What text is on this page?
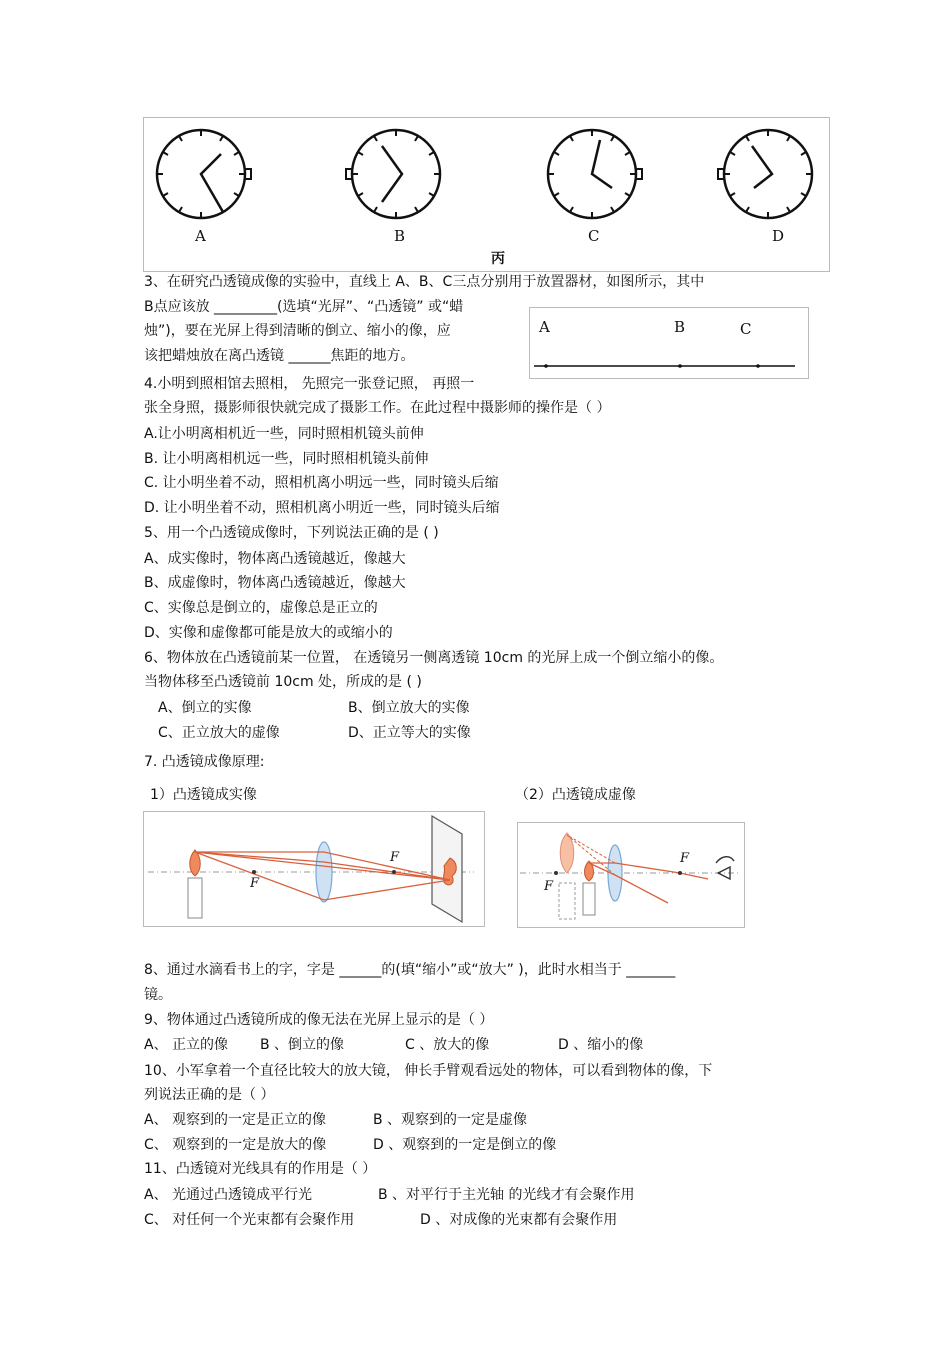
A	B	C	D
丙
3、在研究凸透镜成像的实验中，直线上 A、B、C三点分别用于放置器材，如图所示，其中
B点应该放 _________(选填“光屏”、“凸透镜” 或“蜡
烛”)，要在光屏上得到清晰的倒立、缩小的像，应
该把蜡烛放在离凸透镜 ______焦距的地方。
A	B	C
4.小明到照相馆去照相， 先照完一张登记照， 再照一
张全身照，摄影师很快就完成了摄影工作。在此过程中摄影师的操作是（ ）
A.让小明离相机近一些，同时照相机镜头前伸
B. 让小明离相机远一些，同时照相机镜头前伸
C. 让小明坐着不动，照相机离小明远一些，同时镜头后缩
D. 让小明坐着不动，照相机离小明近一些，同时镜头后缩
5、用一个凸透镜成像时，下列说法正确的是 ( )
A、成实像时，物体离凸透镜越近，像越大
B、成虚像时，物体离凸透镜越近，像越大
C、实像总是倒立的，虚像总是正立的
D、实像和虚像都可能是放大的或缩小的
6、物体放在凸透镜前某一位置， 在透镜另一侧离透镜 10cm 的光屏上成一个倒立缩小的像。
当物体移至凸透镜前 10cm 处，所成的是 ( )
A、倒立的实像	B、倒立放大的实像
C、正立放大的虚像	D、正立等大的实像
7. 凸透镜成像原理:
1）凸透镜成实像	（2）凸透镜成虚像
F
F
F
F
8、通过水滴看书上的字，字是 ______的(填“缩小”或“放大” )，此时水相当于 _______
镜。
9、物体通过凸透镜所成的像无法在光屏上显示的是（ ）
A、 正立的像 B 、倒立的像	C 、放大的像	D 、缩小的像
10、小军拿着一个直径比较大的放大镜， 伸长手臂观看远处的物体，可以看到物体的像，下
列说法正确的是（ ）
A、 观察到的一定是正立的像	B 、观察到的一定是虚像
C、 观察到的一定是放大的像	D 、观察到的一定是倒立的像
11、凸透镜对光线具有的作用是（ ）
A、 光通过凸透镜成平行光	B 、对平行于主光轴 的光线才有会聚作用
C、 对任何一个光束都有会聚作用	D 、对成像的光束都有会聚作用
